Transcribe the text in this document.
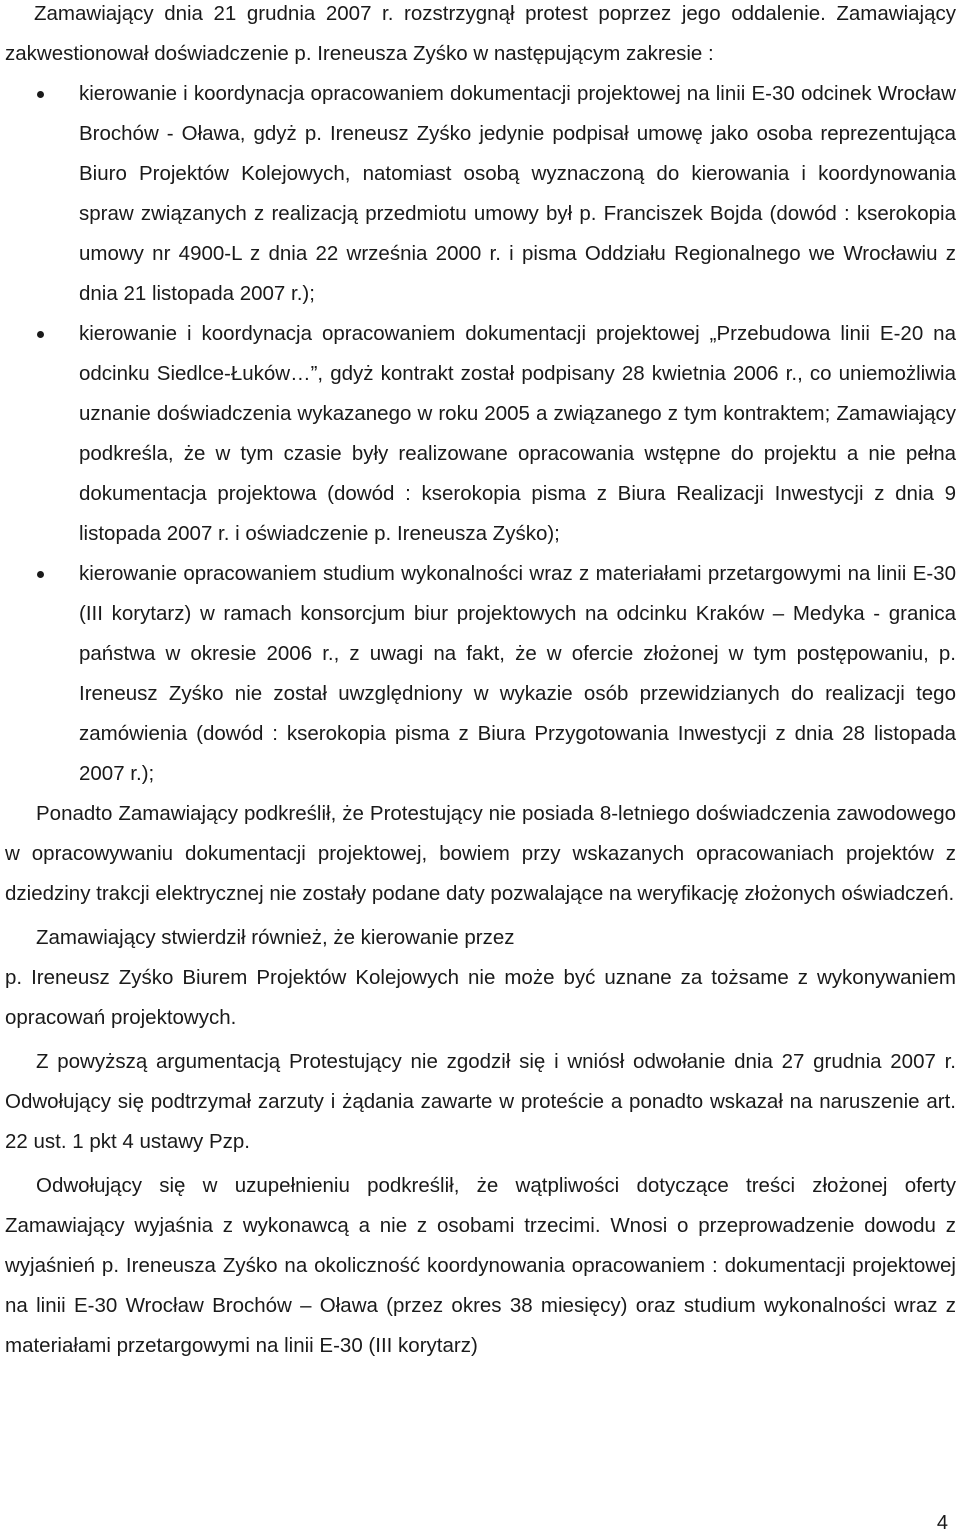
Zamawiający dnia 21 grudnia 2007 r. rozstrzygnął protest poprzez jego oddalenie. Zamawiający zakwestionował doświadczenie p. Ireneusza Zyśko w następującym zakresie :

kierowanie i koordynacja opracowaniem dokumentacji projektowej na linii E-30 odcinek Wrocław Brochów - Oława, gdyż p. Ireneusz Zyśko jedynie podpisał umowę jako osoba reprezentująca Biuro Projektów Kolejowych, natomiast osobą wyznaczoną do kierowania i koordynowania spraw związanych z realizacją przedmiotu umowy był p. Franciszek Bojda (dowód : kserokopia umowy nr 4900-L z dnia 22 września 2000 r. i pisma Oddziału Regionalnego we Wrocławiu z dnia 21 listopada 2007 r.);
kierowanie i koordynacja opracowaniem dokumentacji projektowej „Przebudowa linii E-20 na odcinku Siedlce-Łuków…”, gdyż kontrakt został podpisany 28 kwietnia 2006 r., co uniemożliwia uznanie doświadczenia wykazanego w roku 2005 a związanego z tym kontraktem; Zamawiający podkreśla, że w tym czasie były realizowane opracowania wstępne do projektu a nie pełna dokumentacja projektowa (dowód : kserokopia pisma z Biura Realizacji Inwestycji z dnia 9 listopada 2007 r. i oświadczenie p. Ireneusza Zyśko);
kierowanie opracowaniem studium wykonalności wraz z materiałami przetargowymi na linii E-30 (III korytarz) w ramach konsorcjum biur projektowych na odcinku Kraków – Medyka - granica państwa w okresie 2006 r., z uwagi na fakt, że w ofercie złożonej w tym postępowaniu, p. Ireneusz Zyśko nie został uwzględniony w wykazie osób przewidzianych do realizacji tego zamówienia (dowód : kserokopia pisma z Biura Przygotowania Inwestycji z dnia 28 listopada 2007 r.);

Ponadto Zamawiający podkreślił, że Protestujący nie posiada 8-letniego doświadczenia zawodowego w opracowywaniu dokumentacji projektowej, bowiem przy wskazanych opracowaniach projektów z dziedziny trakcji elektrycznej nie zostały podane daty pozwalające na weryfikację złożonych oświadczeń.

Zamawiający stwierdził również, że kierowanie przez

p. Ireneusz Zyśko Biurem Projektów Kolejowych nie może być uznane za tożsame z wykonywaniem opracowań projektowych.

Z powyższą argumentacją Protestujący nie zgodził się i wniósł odwołanie dnia 27 grudnia 2007 r. Odwołujący się podtrzymał zarzuty i żądania zawarte w proteście a ponadto wskazał na naruszenie art. 22 ust. 1 pkt 4 ustawy Pzp.

Odwołujący się w uzupełnieniu podkreślił, że wątpliwości dotyczące treści złożonej oferty Zamawiający wyjaśnia z wykonawcą a nie z osobami trzecimi. Wnosi o przeprowadzenie dowodu z wyjaśnień p. Ireneusza Zyśko na okoliczność koordynowania opracowaniem : dokumentacji projektowej na linii E-30 Wrocław Brochów – Oława (przez okres 38 miesięcy) oraz studium wykonalności wraz z materiałami przetargowymi na linii E-30 (III korytarz)

4
